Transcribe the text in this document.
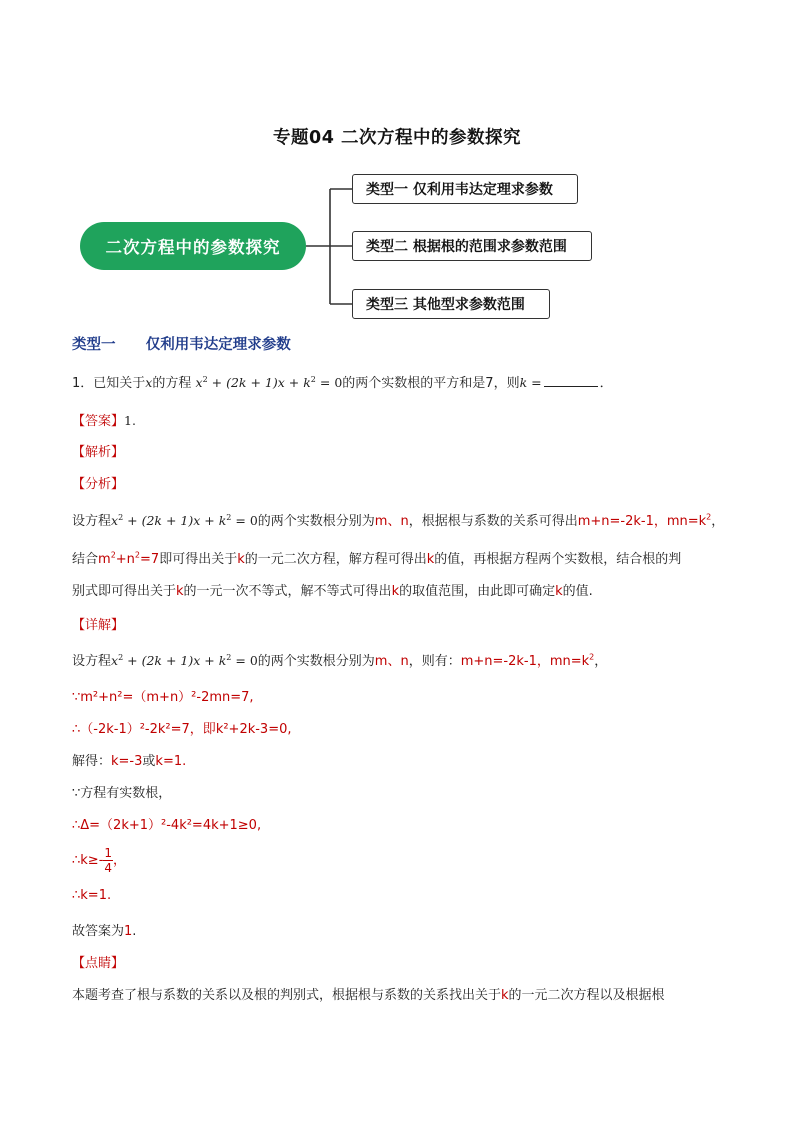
专题04 二次方程中的参数探究
二次方程中的参数探究
类型一 仅利用韦达定理求参数
类型二 根据根的范围求参数范围
类型三 其他型求参数范围
类型一      仅利用韦达定理求参数
1．已知关于x的方程 $x^2 + (2k + 1)x + k^2 = 0$的两个实数根的平方和是7，则k =	．
【答案】1.
【解析】
【分析】
设方程$x^2 + (2k + 1)x + k^2 = 0$的两个实数根分别为m、n，根据根与系数的关系可得出m+n=-2k-1，$mn=k^2$，
结合$m^2+n^2=7$即可得出关于k的一元二次方程，解方程可得出k的值，再根据方程两个实数根，结合根的判
别式即可得出关于k的一元一次不等式，解不等式可得出k的取值范围，由此即可确定k的值.
【详解】
设方程$x^2 + (2k + 1)x + k^2 = 0$的两个实数根分别为m、n，则有：m+n=-2k-1，$mn=k^2$，
∵m²+n²=（m+n）²-2mn=7,
∴（-2k-1）²-2k²=7，即k²+2k-3=0,
解得：k=-3或k=1.
∵方程有实数根，
∴Δ=（2k+1）²-4k²=4k+1≥0,
∴k≥- $\frac{1}{4}$ ，
∴k=1.
故答案为1.
【点睛】
本题考查了根与系数的关系以及根的判别式，根据根与系数的关系找出关于k的一元二次方程以及根据根
